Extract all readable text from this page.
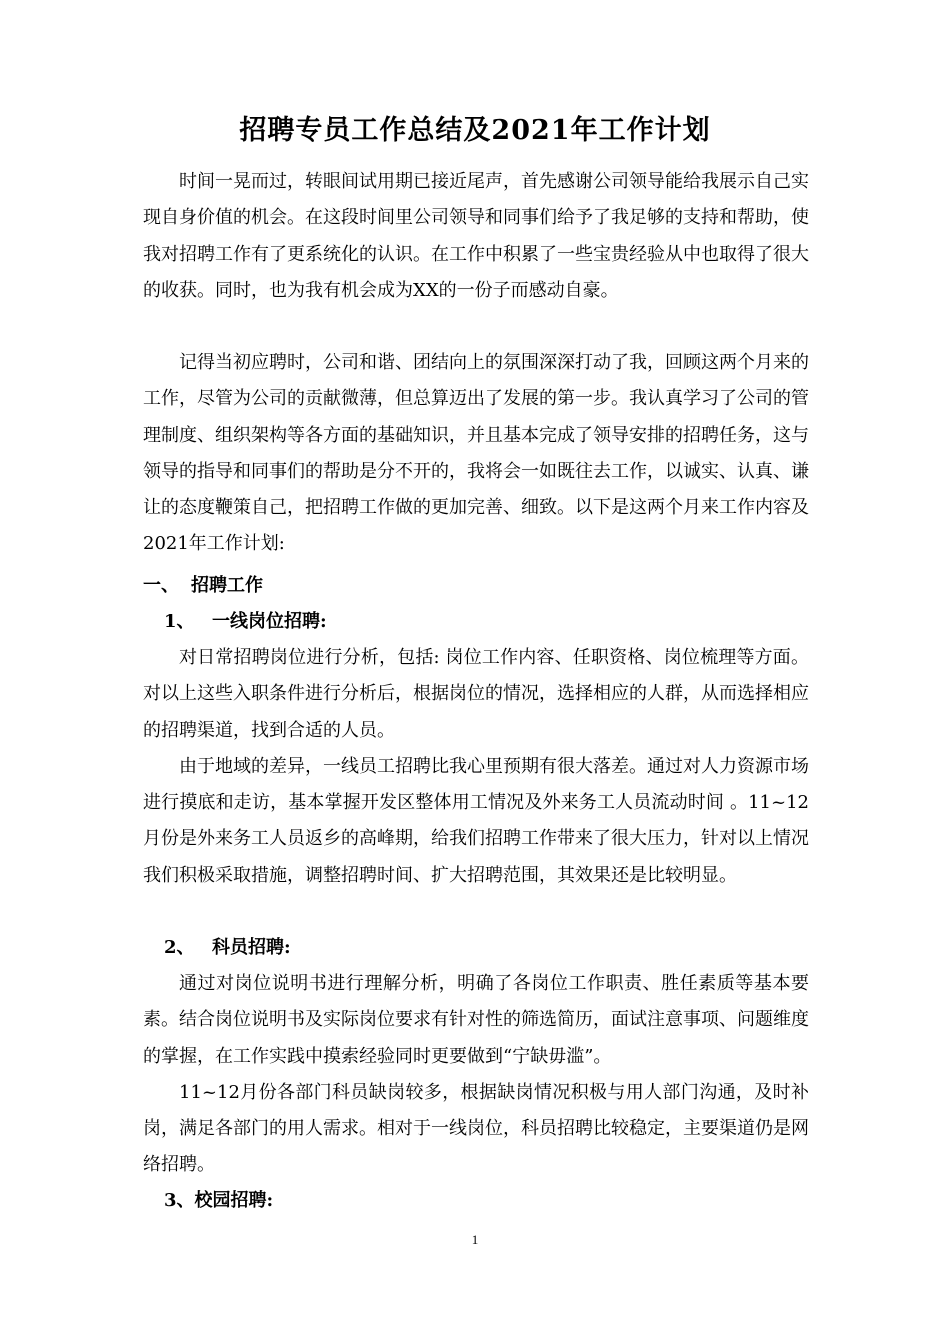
招聘专员工作总结及2021年工作计划

时间一晃而过，转眼间试用期已接近尾声，首先感谢公司领导能给我展示自己实现自身价值的机会。在这段时间里公司领导和同事们给予了我足够的支持和帮助，使我对招聘工作有了更系统化的认识。在工作中积累了一些宝贵经验从中也取得了很大的收获。同时，也为我有机会成为XX的一份子而感动自豪。

记得当初应聘时，公司和谐、团结向上的氛围深深打动了我，回顾这两个月来的工作，尽管为公司的贡献微薄，但总算迈出了发展的第一步。我认真学习了公司的管理制度、组织架构等各方面的基础知识，并且基本完成了领导安排的招聘任务，这与领导的指导和同事们的帮助是分不开的，我将会一如既往去工作，以诚实、认真、谦让的态度鞭策自己，把招聘工作做的更加完善、细致。以下是这两个月来工作内容及2021年工作计划:

一、 招聘工作
1、 一线岗位招聘:

对日常招聘岗位进行分析，包括: 岗位工作内容、任职资格、岗位梳理等方面。对以上这些入职条件进行分析后，根据岗位的情况，选择相应的人群，从而选择相应的招聘渠道，找到合适的人员。

由于地域的差异，一线员工招聘比我心里预期有很大落差。通过对人力资源市场进行摸底和走访，基本掌握开发区整体用工情况及外来务工人员流动时间 。11~12月份是外来务工人员返乡的高峰期，给我们招聘工作带来了很大压力，针对以上情况我们积极采取措施，调整招聘时间、扩大招聘范围，其效果还是比较明显。

2、 科员招聘:

通过对岗位说明书进行理解分析，明确了各岗位工作职责、胜任素质等基本要素。结合岗位说明书及实际岗位要求有针对性的筛选简历，面试注意事项、问题维度的掌握，在工作实践中摸索经验同时更要做到“宁缺毋滥”。

11~12月份各部门科员缺岗较多，根据缺岗情况积极与用人部门沟通，及时补岗，满足各部门的用人需求。相对于一线岗位，科员招聘比较稳定，主要渠道仍是网络招聘。

3、校园招聘:
1
